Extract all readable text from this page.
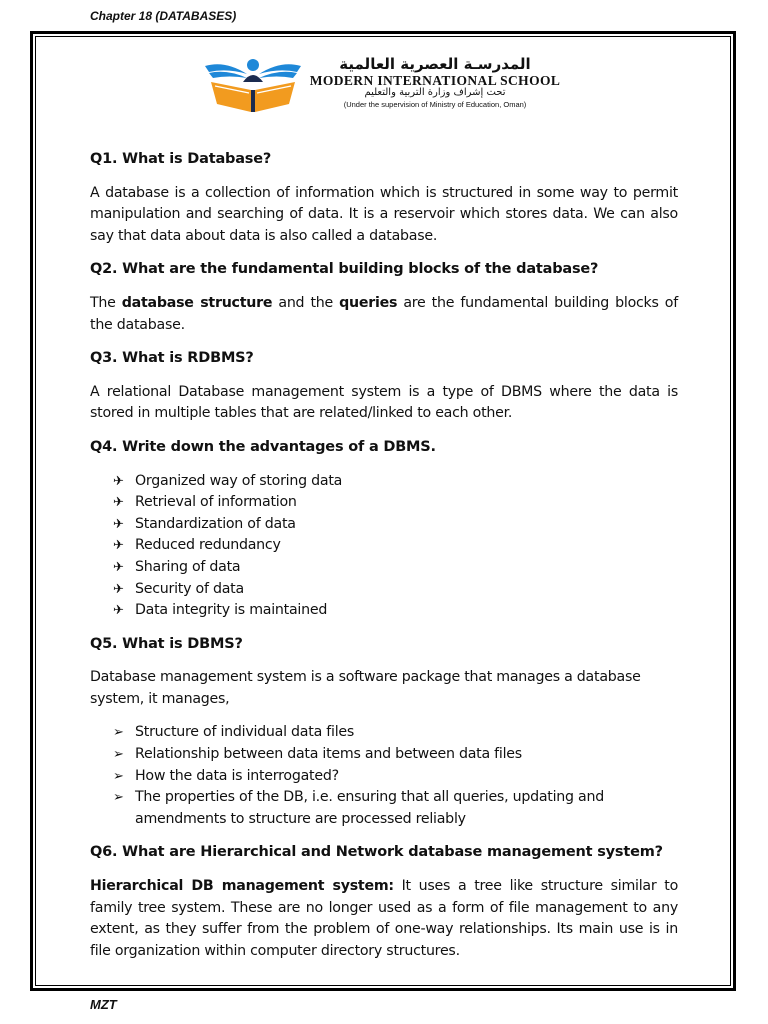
Chapter 18 (DATABASES)
المدرسـة العصرية العالمية
MODERN INTERNATIONAL SCHOOL
تحت إشراف وزارة التربية والتعليم
(Under the supervision of Ministry of Education, Oman)
Q1. What is Database?
A database is a collection of information which is structured in some way to permit manipulation and searching of data. It is a reservoir which stores data. We can also say that data about data is also called a database.
Q2. What are the fundamental building blocks of the database?
The database structure and the queries are the fundamental building blocks of the database.
Q3. What is RDBMS?
A relational Database management system is a type of DBMS where the data is stored in multiple tables that are related/linked to each other.
Q4. Write down the advantages of a DBMS.
✈ Organized way of storing data
✈ Retrieval of information
✈ Standardization of data
✈ Reduced redundancy
✈ Sharing of data
✈ Security of data
✈ Data integrity is maintained
Q5. What is DBMS?
Database management system is a software package that manages a database system, it manages,
➢ Structure of individual data files
➢ Relationship between data items and between data files
➢ How the data is interrogated?
➢ The properties of the DB, i.e. ensuring that all queries, updating and amendments to structure are processed reliably
Q6. What are Hierarchical and Network database management system?
Hierarchical DB management system: It uses a tree like structure similar to family tree system. These are no longer used as a form of file management to any extent, as they suffer from the problem of one-way relationships. Its main use is in file organization within computer directory structures.
MZT
